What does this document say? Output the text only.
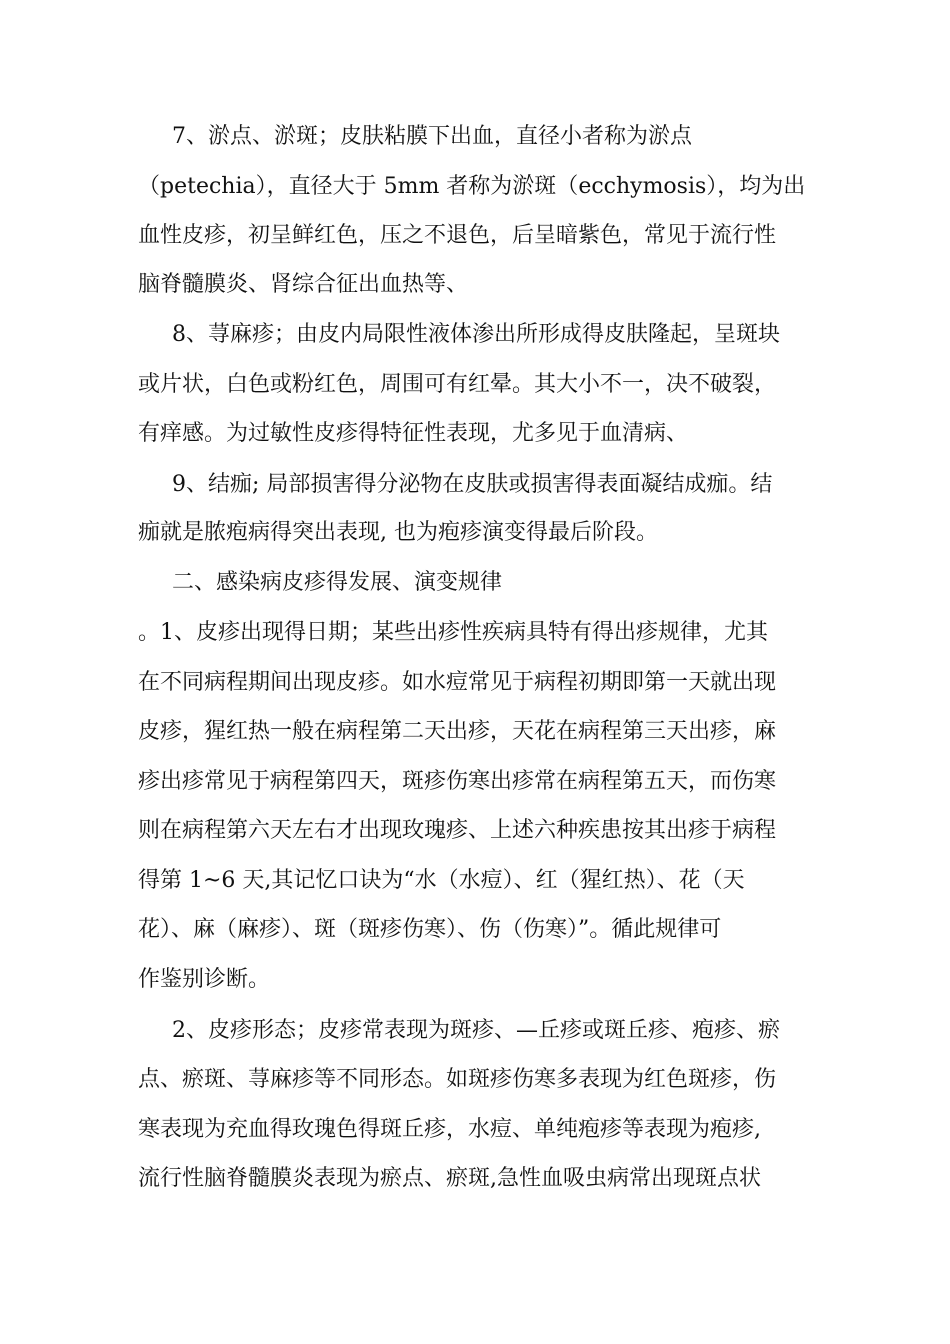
7、淤点、淤斑；皮肤粘膜下出血，直径小者称为淤点
（petechia），直径大于 5mm 者称为淤斑（ecchymosis），均为出
血性皮疹，初呈鲜红色，压之不退色，后呈暗紫色，常见于流行性
脑脊髓膜炎、肾综合征出血热等、
8、荨麻疹；由皮内局限性液体渗出所形成得皮肤隆起，呈斑块
或片状，白色或粉红色，周围可有红晕。其大小不一，决不破裂，
有痒感。为过敏性皮疹得特征性表现，尤多见于血清病、
9、结痂; 局部损害得分泌物在皮肤或损害得表面凝结成痂。结
痂就是脓疱病得突出表现, 也为疱疹演变得最后阶段。
二、感染病皮疹得发展、演变规律
。1、皮疹出现得日期；某些出疹性疾病具特有得出疹规律，尤其
在不同病程期间出现皮疹。如水痘常见于病程初期即第一天就出现
皮疹，猩红热一般在病程第二天出疹，天花在病程第三天出疹，麻
疹出疹常见于病程第四天，斑疹伤寒出疹常在病程第五天，而伤寒
则在病程第六天左右才出现玫瑰疹、上述六种疾患按其出疹于病程
得第 1~6 天,其记忆口诀为“水（水痘）、红（猩红热）、花（天
花）、麻（麻疹）、斑（斑疹伤寒）、伤（伤寒）”。循此规律可
作鉴别诊断。
2、皮疹形态；皮疹常表现为斑疹、—丘疹或斑丘疹、疱疹、瘀
点、瘀斑、荨麻疹等不同形态。如斑疹伤寒多表现为红色斑疹，伤
寒表现为充血得玫瑰色得斑丘疹，水痘、单纯疱疹等表现为疱疹,
流行性脑脊髓膜炎表现为瘀点、瘀斑,急性血吸虫病常出现斑点状
